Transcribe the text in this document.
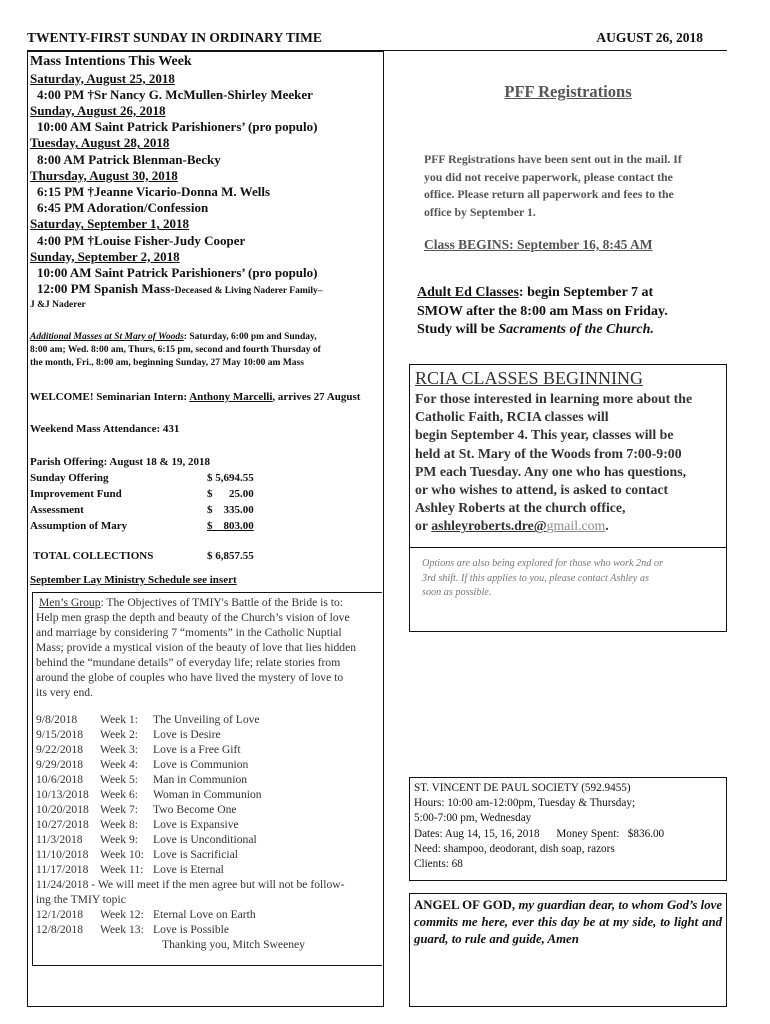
TWENTY-FIRST SUNDAY IN ORDINARY TIME	AUGUST 26, 2018
Mass Intentions This Week
Saturday, August 25, 2018
4:00 PM †Sr Nancy G. McMullen-Shirley Meeker
Sunday, August 26, 2018
10:00 AM Saint Patrick Parishioners’ (pro populo)
Tuesday, August 28, 2018
8:00 AM Patrick Blenman-Becky
Thursday, August 30, 2018
6:15 PM †Jeanne Vicario-Donna M. Wells
6:45 PM Adoration/Confession
Saturday, September 1, 2018
4:00 PM †Louise Fisher-Judy Cooper
Sunday, September 2, 2018
10:00 AM Saint Patrick Parishioners’ (pro populo)
12:00 PM Spanish Mass-Deceased & Living Naderer Family–
J &J Naderer
Additional Masses at St Mary of Woods: Saturday, 6:00 pm and Sunday,
8:00 am; Wed. 8:00 am, Thurs, 6:15 pm, second and fourth Thursday of
the month, Fri., 8:00 am, beginning Sunday, 27 May 10:00 am Mass
WELCOME! Seminarian Intern: Anthony Marcelli, arrives 27 August
Weekend Mass Attendance: 431
Parish Offering: August 18 & 19, 2018
Sunday Offering	$ 5,694.55
Improvement Fund	$      25.00
Assessment	$    335.00
Assumption of Mary	$    803.00
TOTAL COLLECTIONS	$ 6,857.55
September Lay Ministry Schedule see insert
Men’s Group: The Objectives of TMIY's Battle of the Bride is to:
Help men grasp the depth and beauty of the Church’s vision of love
and marriage by considering 7 “moments” in the Catholic Nuptial
Mass; provide a mystical vision of the beauty of love that lies hidden
behind the “mundane details” of everyday life; relate stories from
around the globe of couples who have lived the mystery of love to
its very end.
9/8/2018 Week 1: The Unveiling of Love
9/15/2018 Week 2: Love is Desire
9/22/2018 Week 3: Love is a Free Gift
9/29/2018 Week 4: Love is Communion
10/6/2018 Week 5: Man in Communion
10/13/2018 Week 6: Woman in Communion
10/20/2018 Week 7: Two Become One
10/27/2018 Week 8: Love is Expansive
11/3/2018 Week 9: Love is Unconditional
11/10/2018 Week 10: Love is Sacrificial
11/17/2018 Week 11: Love is Eternal
11/24/2018 - We will meet if the men agree but will not be follow-
ing the TMIY topic
12/1/2018 Week 12: Eternal Love on Earth
12/8/2018 Week 13: Love is Possible
Thanking you, Mitch Sweeney
PFF Registrations
PFF Registrations have been sent out in the mail. If
you did not receive paperwork, please contact the
office. Please return all paperwork and fees to the
office by September 1.
Class BEGINS: September 16, 8:45 AM
Adult Ed Classes: begin September 7 at
SMOW after the 8:00 am Mass on Friday.
Study will be Sacraments of the Church.
RCIA CLASSES BEGINNING
For those interested in learning more about the
Catholic Faith, RCIA classes will
begin September 4. This year, classes will be
held at St. Mary of the Woods from 7:00-9:00
PM each Tuesday. Any one who has questions,
or who wishes to attend, is asked to contact
Ashley Roberts at the church office,
or ashleyroberts.dre@gmail.com.
Options are also being explored for those who work 2nd or
3rd shift. If this applies to you, please contact Ashley as
soon as possible.
ST. VINCENT DE PAUL SOCIETY (592.9455)
Hours: 10:00 am-12:00pm, Tuesday & Thursday;
5:00-7:00 pm, Wednesday
Dates: Aug 14, 15, 16, 2018      Money Spent:   $836.00
Need: shampoo, deodorant, dish soap, razors
Clients: 68
ANGEL OF GOD, my guardian dear, to whom God’s love commits me here, ever this day be at my side, to light and guard, to rule and guide, Amen
